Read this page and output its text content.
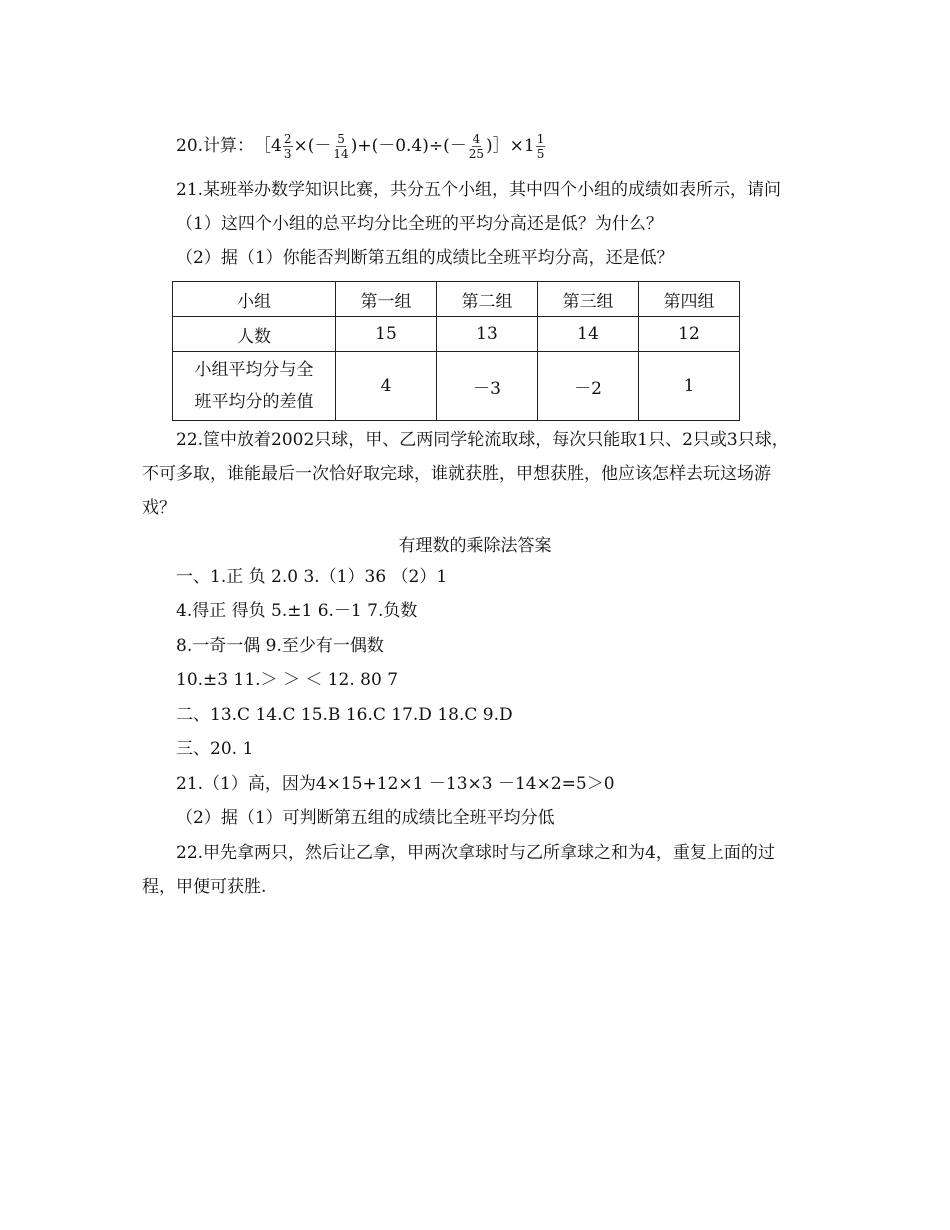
20.计算： ［4 $\frac{2}{3}$ ×(－ $\frac{5}{14} )+(-0.4)\div(- \frac{4}{25}$ )］×1 $\frac{1}{5}$
21.某班举办数学知识比赛，共分五个小组，其中四个小组的成绩如表所示，请问
（1）这四个小组的总平均分比全班的平均分高还是低？为什么？
（2）据（1）你能否判断第五组的成绩比全班平均分高，还是低？
小组	第一组	第二组	第三组	第四组
人数	15	13	14	12

小组平均分与全
班平均分的差值	4	－3	－2	1
22.筐中放着2002只球，甲、乙两同学轮流取球，每次只能取1只、2只或3只球，
不可多取，谁能最后一次恰好取完球，谁就获胜，甲想获胜，他应该怎样去玩这场游
戏？
有理数的乘除法答案
一、1.正 负 2.0 3.（1）36 （2）1
4.得正 得负 5.±1 6.－1 7.负数
8.一奇一偶 9.至少有一偶数
10.±3 11.＞ ＞ ＜ 12. 80 7
二、13.C 14.C 15.B 16.C 17.D 18.C 9.D
三、20. 1
21.（1）高，因为4×15+12×1 －13×3 －14×2=5＞0
（2）据（1）可判断第五组的成绩比全班平均分低
22.甲先拿两只，然后让乙拿，甲两次拿球时与乙所拿球之和为4，重复上面的过
程，甲便可获胜.
